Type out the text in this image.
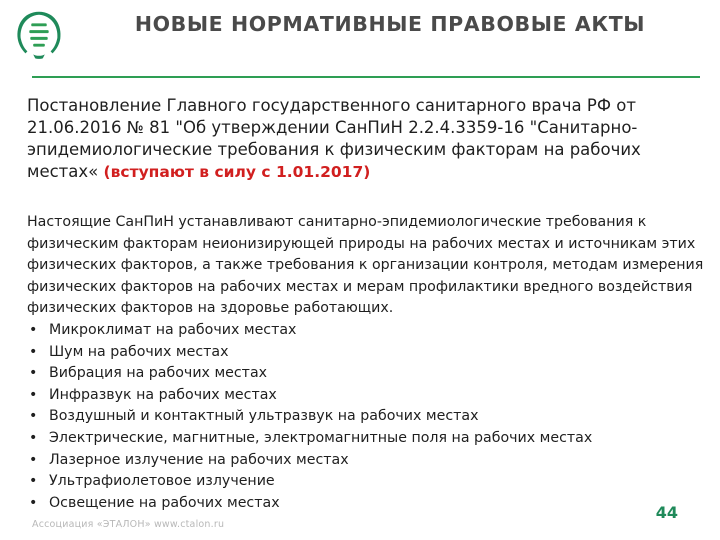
НОВЫЕ НОРМАТИВНЫЕ ПРАВОВЫЕ АКТЫ
Постановление Главного государственного санитарного врача РФ от 21.06.2016 № 81 "Об утверждении СанПиН 2.2.4.3359-16 "Санитарно-эпидемиологические требования к физическим факторам на рабочих местах« (вступают в силу с 1.01.2017)
Настоящие СанПиН устанавливают санитарно-эпидемиологические требования к физическим факторам неионизирующей природы на рабочих местах и источникам этих физических факторов, а также требования к организации контроля, методам измерения физических факторов на рабочих местах и мерам профилактики вредного воздействия физических факторов на здоровье работающих.
• Микроклимат на рабочих местах
• Шум на рабочих местах
• Вибрация на рабочих местах
• Инфразвук на рабочих местах
• Воздушный и контактный ультразвук на рабочих местах
• Электрические, магнитные, электромагнитные поля на рабочих местах
• Лазерное излучение на рабочих местах
• Ультрафиолетовое излучение
• Освещение на рабочих местах
Ассоциация «ЭТАЛОН» www.ctalon.ru
44
